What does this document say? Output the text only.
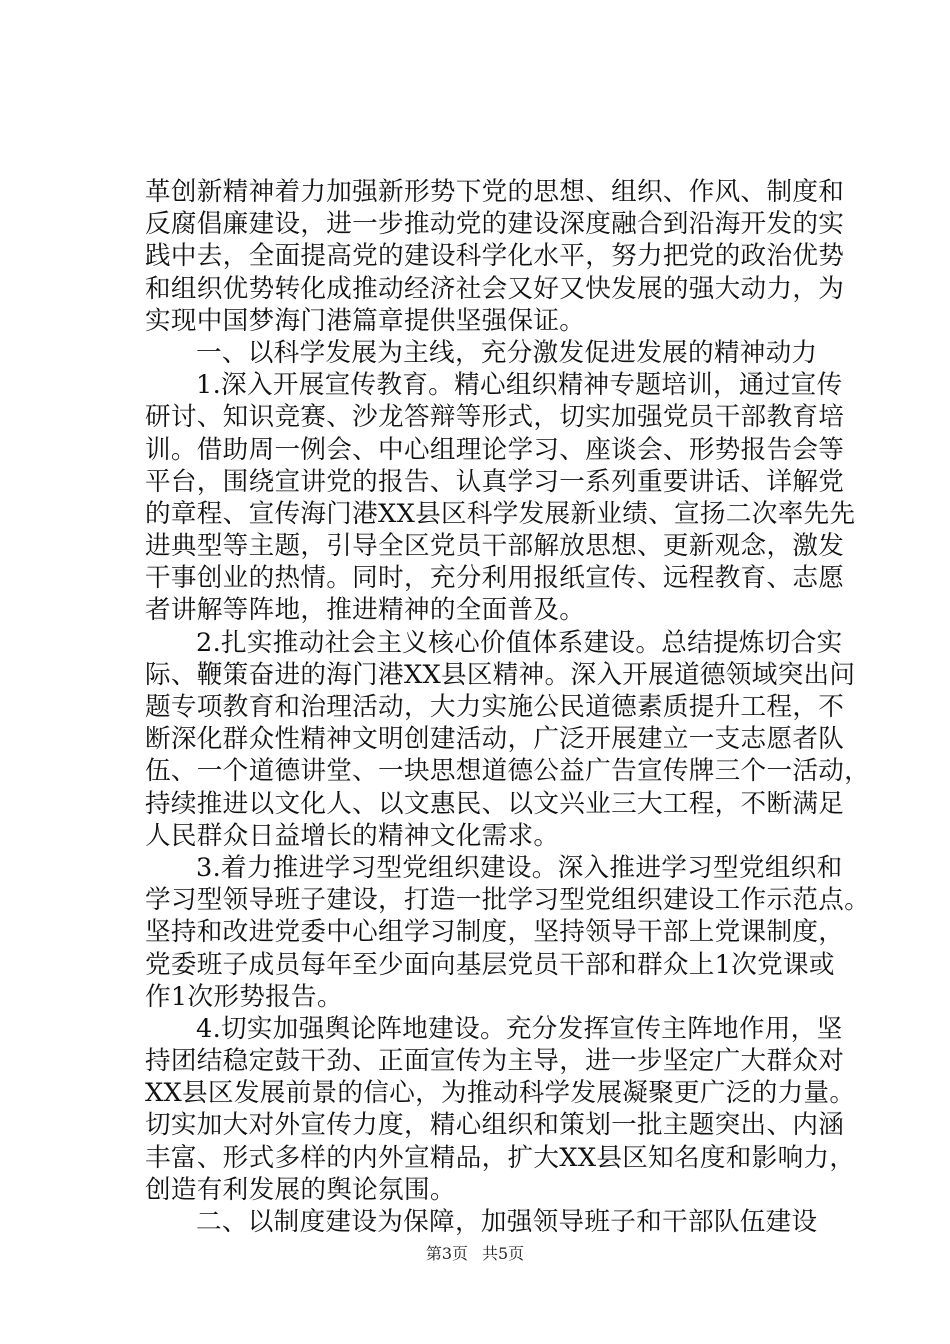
革创新精神着力加强新形势下党的思想、组织、作风、制度和
反腐倡廉建设，进一步推动党的建设深度融合到沿海开发的实
践中去，全面提高党的建设科学化水平，努力把党的政治优势
和组织优势转化成推动经济社会又好又快发展的强大动力，为
实现中国梦海门港篇章提供坚强保证。
一、以科学发展为主线，充分激发促进发展的精神动力
1.深入开展宣传教育。精心组织精神专题培训，通过宣传
研讨、知识竞赛、沙龙答辩等形式，切实加强党员干部教育培
训。借助周一例会、中心组理论学习、座谈会、形势报告会等
平台，围绕宣讲党的报告、认真学习一系列重要讲话、详解党
的章程、宣传海门港XX县区科学发展新业绩、宣扬二次率先先
进典型等主题，引导全区党员干部解放思想、更新观念，激发
干事创业的热情。同时，充分利用报纸宣传、远程教育、志愿
者讲解等阵地，推进精神的全面普及。
2.扎实推动社会主义核心价值体系建设。总结提炼切合实
际、鞭策奋进的海门港XX县区精神。深入开展道德领域突出问
题专项教育和治理活动，大力实施公民道德素质提升工程，不
断深化群众性精神文明创建活动，广泛开展建立一支志愿者队
伍、一个道德讲堂、一块思想道德公益广告宣传牌三个一活动，
持续推进以文化人、以文惠民、以文兴业三大工程，不断满足
人民群众日益增长的精神文化需求。
3.着力推进学习型党组织建设。深入推进学习型党组织和
学习型领导班子建设，打造一批学习型党组织建设工作示范点。
坚持和改进党委中心组学习制度，坚持领导干部上党课制度，
党委班子成员每年至少面向基层党员干部和群众上1次党课或
作1次形势报告。
4.切实加强舆论阵地建设。充分发挥宣传主阵地作用，坚
持团结稳定鼓干劲、正面宣传为主导，进一步坚定广大群众对
XX县区发展前景的信心，为推动科学发展凝聚更广泛的力量。
切实加大对外宣传力度，精心组织和策划一批主题突出、内涵
丰富、形式多样的内外宣精品，扩大XX县区知名度和影响力，
创造有利发展的舆论氛围。
二、以制度建设为保障，加强领导班子和干部队伍建设
第3页 共5页
